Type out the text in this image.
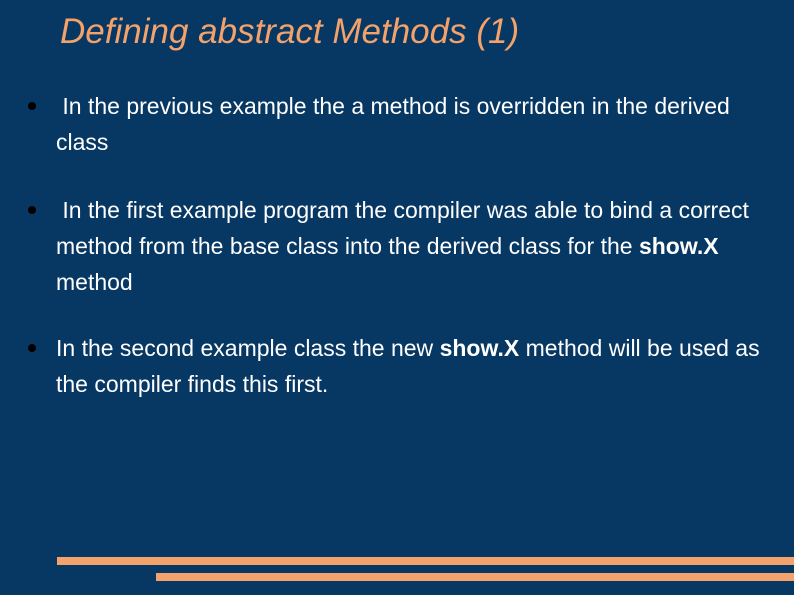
Defining abstract Methods (1)
In the previous example the a method is overridden in the derived class
In the first example program the compiler was able to bind a correct method from the base class into the derived class for the show.X method
In the second example class the new show.X method will be used as the compiler finds this first.
